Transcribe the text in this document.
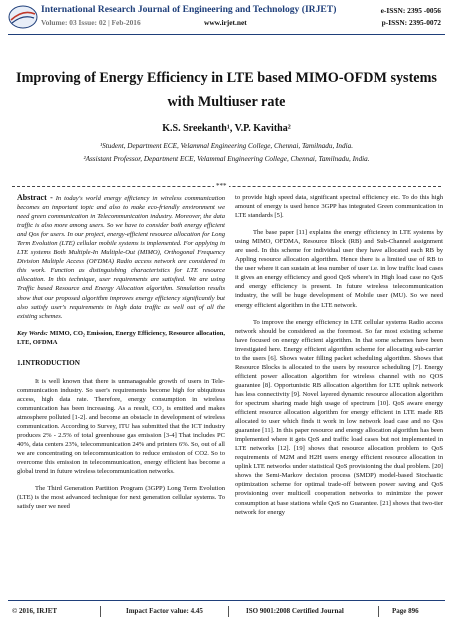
International Research Journal of Engineering and Technology (IRJET)
Volume: 03 Issue: 02 | Feb-2016	www.irjet.net
e-ISSN: 2395 -0056
p-ISSN: 2395-0072
Improving of Energy Efficiency in LTE based MIMO-OFDM systems with Multiuser rate
K.S. Sreekanth¹, V.P. Kavitha²
¹Student, Department ECE, Velammal Engineering College, Chennai, Tamilnadu, India.
²Assistant Professor, Department ECE, Velammal Engineering College, Chennai, Tamilnadu, India.
***

Abstract - In today's world energy efficiency in wireless communication becomes an important topic and also to make eco-friendly environment we need green communication in Telecommunication industry. Moreover, the data traffic is also more among users. So we have to consider both energy efficient and Qos for users. In our project, energy-efficient resource allocation for Long Term Evolution (LTE) cellular mobile systems is implemented. For applying in LTE systems Both Multiple-In Multiple-Out (MIMO), Orthogonal Frequency Division Multiple Access (OFDMA) Radio access network are considered in this work. Function as distinguishing characteristics for LTE resource allocation. In this technique, user requirements are satisfied. We are using Traffic based Resource and Energy Allocation algorithm. Simulation results show that our proposed algorithm improves energy efficiency significantly but also satisfy user's requirements in high data traffic as well out of all the existing schemes.

Key Words: MIMO, CO₂ Emission, Energy Efficiency, Resource allocation, LTE, OFDMA

1.INTRODUCTION

It is well known that there is unmanageable growth of users in Tele-communication industry. So user's requirements become high for ubiquitous access, high data rate. Therefore, energy consumption in wireless communication has been increasing. As a result, CO₂ is emitted and makes atmosphere polluted [1-2]. and become an obstacle in development of wireless communication. According to Survey, ITU has submitted that the ICT industry produces 2% - 2.5% of total greenhouse gas emission [3-4] That includes PC 40%, data centers 23%, telecommunication 24% and printers 6%. So, out of all we are concentrating on telecommunication to reduce emission of CO2. So to overcome this emission in telecommunication, energy efficient has become a global trend in future wireless telecommunication networks.

The Third Generation Partition Program (3GPP) Long Term Evolution (LTE) is the most advanced technique for next generation cellular systems. To satisfy user we need

to provide high speed data, significant spectral efficiency etc. To do this high amount of energy is used hence 3GPP has integrated Green communication in LTE standards [5].

The base paper [11] explains the energy efficiency in LTE systems by using MIMO, OFDMA, Resource Block (RB) and Sub-Channel assignment are used. In this scheme for individual user they have allocated each RB by Appling resource allocation algorithm. Hence there is a limited use of RB to the user where it can sustain at less number of user i.e. in low traffic load cases it gives an energy efficiency and good QoS where's in High load case no QoS and energy efficiency is present. In future wireless telecommunication industry, the will be huge development of Mobile user (MU). So we need energy efficient algorithm in the LTE network.

To improve the energy efficiency in LTE cellular systems Radio access network should be considered as the foremost. So far most existing scheme have focused on energy efficient algorithm. In that some schemes have been investigated here. Energy efficient algorithm scheme for allocating sub-carrier to the users [6]. Shows water filling packet scheduling algorithm. Shows that Resource Blocks is allocated to the users by resource scheduling [7]. Energy efficient power allocation algorithm for wireless channel with no QOS guarantee [8]. Opportunistic RB allocation algorithm for LTE uplink network has less connectivity [9]. Novel layered dynamic resource allocation algorithm for spectrum sharing made high usage of spectrum [10]. QoS aware energy efficient resource allocation algorithm for energy efficient in LTE made RB allocated to user which finds it work in low network load case and no Qos guarantee [11]. In this paper resource and energy allocation algorithm has been implemented where it gets QoS and traffic load cases but not implemented in LTE networks [12]. [19] shows that resource allocation problem to QoS requirements of M2M and H2H users energy efficient resource allocation in uplink LTE networks under statistical QoS provisioning the dual problem. [20] shows the Semi-Markov decision process (SMDP) model-based Stochastic optimization scheme for optimal trade-off between power saving and QoS provisioning over multicell cooperation networks to minimize the power consumption at base stations while QoS no Guarantee. [21] shows that two-tier network for energy

© 2016, IRJET	Impact Factor value: 4.45	ISO 9001:2008 Certified Journal	Page 896
